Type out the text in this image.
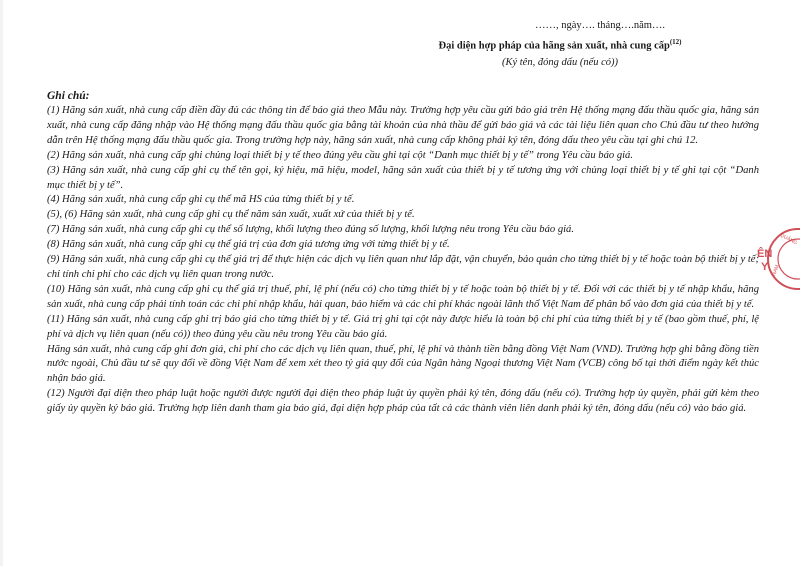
……, ngày…. tháng….năm….
Đại diện hợp pháp của hãng sản xuất, nhà cung cấp$^{(12)}$
(Ký tên, đóng dấu (nếu có))
Ghi chú:

(1) Hãng sản xuất, nhà cung cấp điền đầy đủ các thông tin để báo giá theo Mẫu này. Trường hợp yêu cầu gửi báo giá trên Hệ thống mạng đấu thầu quốc gia, hãng sản xuất, nhà cung cấp đăng nhập vào Hệ thống mạng đấu thầu quốc gia bằng tài khoản của nhà thầu để gửi báo giá và các tài liệu liên quan cho Chủ đầu tư theo hướng dẫn trên Hệ thống mạng đấu thầu quốc gia. Trong trường hợp này, hãng sản xuất, nhà cung cấp không phải ký tên, đóng dấu theo yêu cầu tại ghi chú 12.

(2) Hãng sản xuất, nhà cung cấp ghi chủng loại thiết bị y tế theo đúng yêu cầu ghi tại cột “Danh mục thiết bị y tế” trong Yêu cầu báo giá.

(3) Hãng sản xuất, nhà cung cấp ghi cụ thể tên gọi, ký hiệu, mã hiệu, model, hãng sản xuất của thiết bị y tế tương ứng với chủng loại thiết bị y tế ghi tại cột “Danh mục thiết bị y tế”.

(4) Hãng sản xuất, nhà cung cấp ghi cụ thể mã HS của từng thiết bị y tế.

(5), (6) Hãng sản xuất, nhà cung cấp ghi cụ thể năm sản xuất, xuất xứ của thiết bị y tế.

(7) Hãng sản xuất, nhà cung cấp ghi cụ thể số lượng, khối lượng theo đúng số lượng, khối lượng nêu trong Yêu cầu báo giá.

(8) Hãng sản xuất, nhà cung cấp ghi cụ thể giá trị của đơn giá tương ứng với từng thiết bị y tế.

(9) Hãng sản xuất, nhà cung cấp ghi cụ thể giá trị để thực hiện các dịch vụ liên quan như lắp đặt, vận chuyển, bảo quản cho từng thiết bị y tế hoặc toàn bộ thiết bị y tế; chỉ tính chi phí cho các dịch vụ liên quan trong nước.

(10) Hãng sản xuất, nhà cung cấp ghi cụ thể giá trị thuế, phí, lệ phí (nếu có) cho từng thiết bị y tế hoặc toàn bộ thiết bị y tế. Đối với các thiết bị y tế nhập khẩu, hãng sản xuất, nhà cung cấp phải tính toán các chi phí nhập khẩu, hải quan, bảo hiểm và các chi phí khác ngoài lãnh thổ Việt Nam để phân bổ vào đơn giá của thiết bị y tế.

(11) Hãng sản xuất, nhà cung cấp ghi trị báo giá cho từng thiết bị y tế. Giá trị ghi tại cột này được hiểu là toàn bộ chi phí của từng thiết bị y tế (bao gồm thuế, phí, lệ phí và dịch vụ liên quan (nếu có)) theo đúng yêu cầu nêu trong Yêu cầu báo giá.

Hãng sản xuất, nhà cung cấp ghi đơn giá, chi phí cho các dịch vụ liên quan, thuế, phí, lệ phí và thành tiền bằng đồng Việt Nam (VND). Trường hợp ghi bằng đồng tiền nước ngoài, Chủ đầu tư sẽ quy đổi về đồng Việt Nam để xem xét theo tỷ giá quy đổi của Ngân hàng Ngoại thương Việt Nam (VCB) công bố tại thời điểm ngày kết thúc nhận báo giá.

(12) Người đại diện theo pháp luật hoặc người được người đại diện theo pháp luật ủy quyền phải ký tên, đóng dấu (nếu có). Trường hợp ủy quyền, phải gửi kèm theo giấy ủy quyền ký báo giá. Trường hợp liên danh tham gia báo giá, đại diện hợp pháp của tất cả các thành viên liên danh phải ký tên, đóng dấu (nếu có) vào báo giá.

QUẢNG
NAM
ÊN
Y
